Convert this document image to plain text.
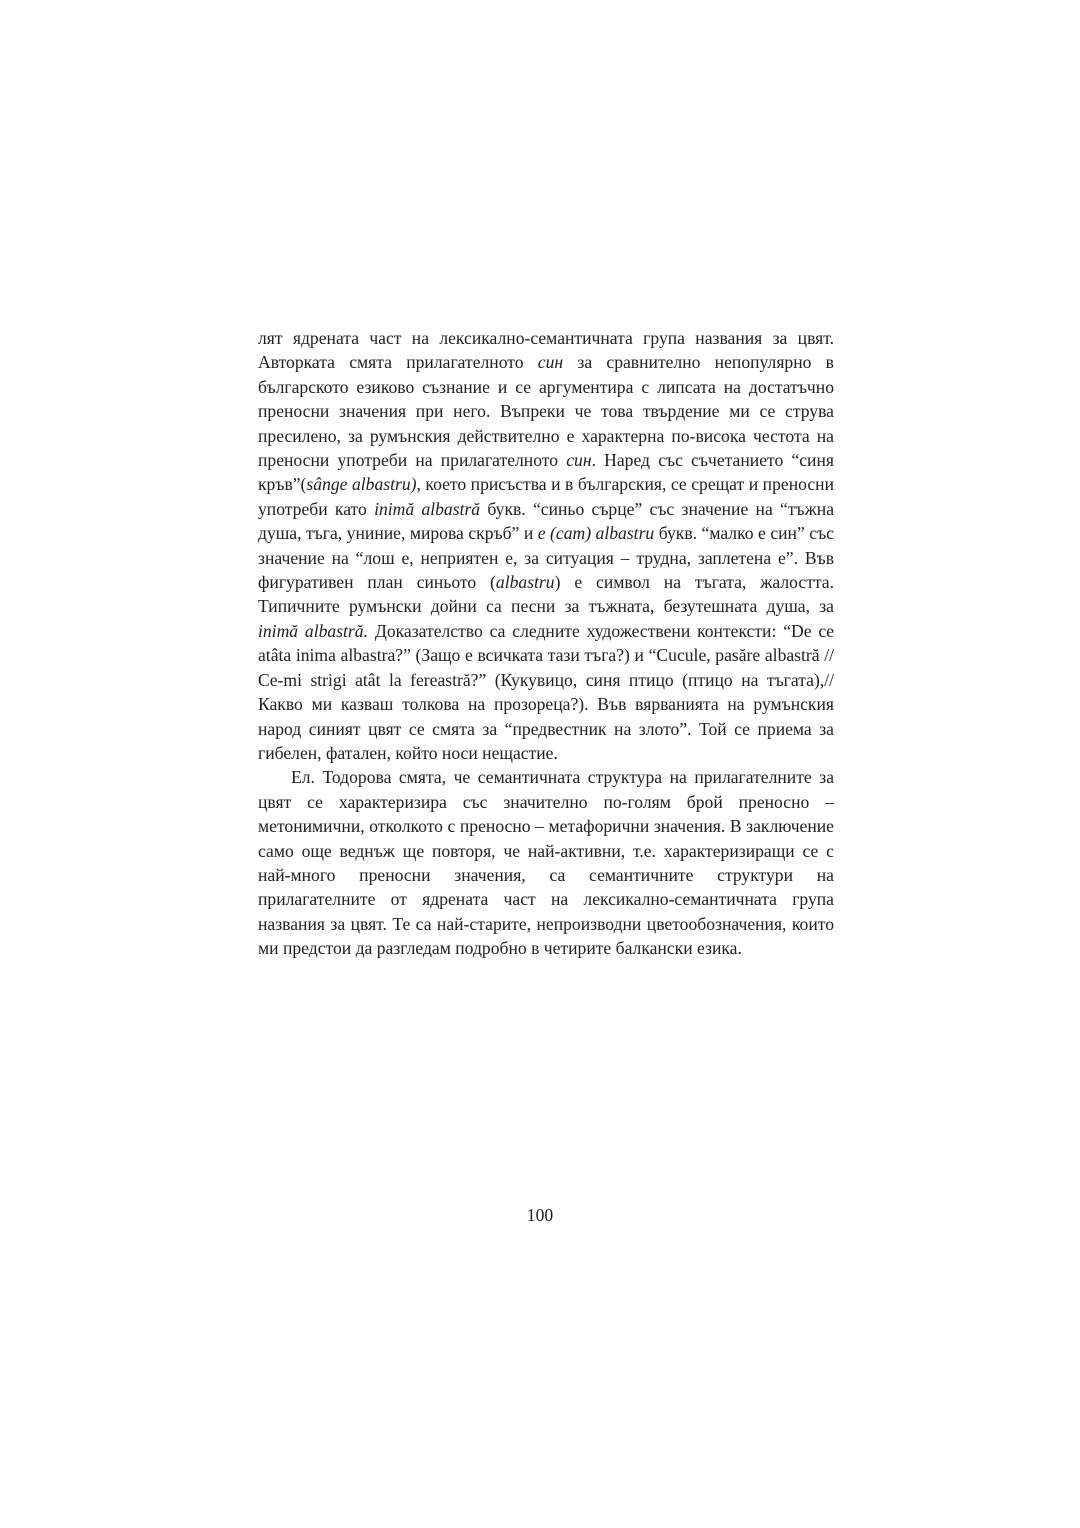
лят ядрената част на лексикално-семантичната група названия за цвят. Авторката смята прилагателното син за сравнително непопулярно в българското езиково съзнание и се аргументира с липсата на достатъчно преносни значения при него. Въпреки че това твърдение ми се струва пресилено, за румънския действително е характерна по-висока честота на преносни употреби на прилагателното син. Наред със съчетанието “синя кръв”(sânge albastru), което присъства и в българския, се срещат и преносни употреби като inimă albastră букв. “синьо сърце” със значение на “тъжна душа, тъга, униние, мирова скръб” и e (cam) albastru букв. “малко е син” със значение на “лош е, неприятен е, за ситуация – трудна, заплетена е”. Във фигуративен план синьото (albastru) е символ на тъгата, жалостта. Типичните румънски дойни са песни за тъжната, безутешната душа, за inimă albastră. Доказателство са следните художествени контексти: “De ce atâta inima albastra?” (Защо е всичката тази тъга?) и “Cucule, pasăre albastră // Ce-mi strigi atât la fereastră?” (Кукувицо, синя птицо (птицо на тъгата),// Какво ми казваш толкова на прозореца?). Във вярванията на румънския народ синият цвят се смята за “предвестник на злото”. Той се приема за гибелен, фатален, който носи нещастие.

Ел. Тодорова смята, че семантичната структура на прилагателните за цвят се характеризира със значително по-голям брой преносно – метонимични, отколкото с преносно – метафорични значения. В заключение само още веднъж ще повторя, че най-активни, т.е. характеризиращи се с най-много преносни значения, са семантичните структури на прилагателните от ядрената част на лексикално-семантичната група названия за цвят. Те са най-старите, непроизводни цветообозначения, които ми предстои да разгледам подробно в четирите балкански езика.

100
